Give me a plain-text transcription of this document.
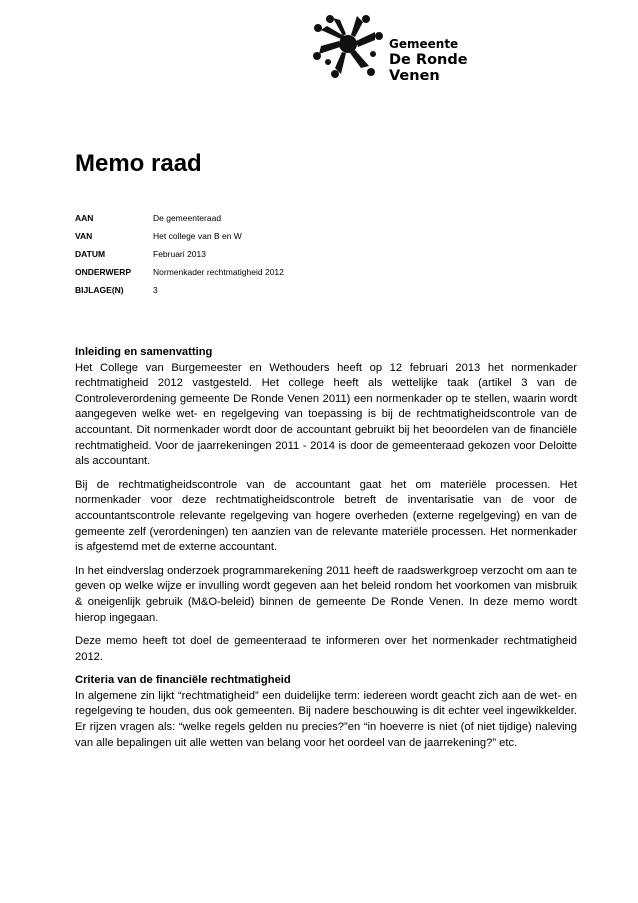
Gemeente
De Ronde Venen
Memo raad
AAN	De gemeenteraad
VAN	Het college van B en W
DATUM	Februari 2013
ONDERWERP	Normenkader rechtmatigheid 2012
BIJLAGE(N)	3

Inleiding en samenvatting
Het College van Burgemeester en Wethouders heeft op 12 februari 2013 het normenkader rechtmatigheid 2012 vastgesteld. Het college heeft als wettelijke taak (artikel 3 van de Controleverordening gemeente De Ronde Venen 2011) een normenkader op te stellen, waarin wordt aangegeven welke wet- en regelgeving van toepassing is bij de rechtmatigheidscontrole van de accountant. Dit normenkader wordt door de accountant gebruikt bij het beoordelen van de financiële rechtmatigheid. Voor de jaarrekeningen 2011 - 2014 is door de gemeenteraad gekozen voor Deloitte als accountant.

Bij de rechtmatigheidscontrole van de accountant gaat het om materiële processen. Het normenkader voor deze rechtmatigheidscontrole betreft de inventarisatie van de voor de accountantscontrole relevante regelgeving van hogere overheden (externe regelgeving) en van de gemeente zelf (verordeningen) ten aanzien van de relevante materiële processen. Het normenkader is afgestemd met de externe accountant.

In het eindverslag onderzoek programmarekening 2011 heeft de raadswerkgroep verzocht om aan te geven op welke wijze er invulling wordt gegeven aan het beleid rondom het voorkomen van misbruik & oneigenlijk gebruik (M&O-beleid) binnen de gemeente De Ronde Venen. In deze memo wordt hierop ingegaan.

Deze memo heeft tot doel de gemeenteraad te informeren over het normenkader rechtmatigheid 2012.

Criteria van de financiële rechtmatigheid
In algemene zin lijkt “rechtmatigheid” een duidelijke term: iedereen wordt geacht zich aan de wet- en regelgeving te houden, dus ook gemeenten. Bij nadere beschouwing is dit echter veel ingewikkelder. Er rijzen vragen als: “welke regels gelden nu precies?”en “in hoeverre is niet (of niet tijdige) naleving van alle bepalingen uit alle wetten van belang voor het oordeel van de jaarrekening?” etc.
